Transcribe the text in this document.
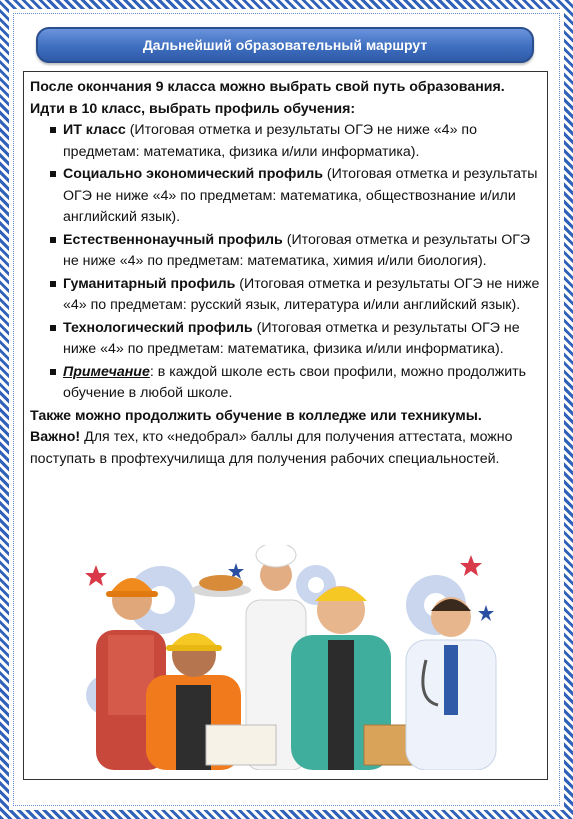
Дальнейший образовательный маршрут

После окончания 9 класса можно выбрать свой путь образования.

Идти в 10 класс, выбрать профиль обучения:

ИТ класс (Итоговая отметка и результаты ОГЭ не ниже «4» по предметам: математика, физика и/или информатика).
Социально экономический профиль (Итоговая отметка и результаты ОГЭ не ниже «4» по предметам: математика, обществознание и/или английский язык).
Естественнонаучный профиль (Итоговая отметка и результаты ОГЭ не ниже «4» по предметам: математика, химия и/или биология).
Гуманитарный профиль (Итоговая отметка и результаты ОГЭ не ниже «4» по предметам: русский язык, литература и/или английский язык).
Технологический профиль (Итоговая отметка и результаты ОГЭ не ниже «4» по предметам: математика, физика и/или информатика).
Примечание: в каждой школе есть свои профили, можно продолжить обучение в любой школе.

Также можно продолжить обучение в колледже или техникумы.

Важно! Для тех, кто «недобрал» баллы для получения аттестата, можно поступать в профтехучилища для получения рабочих специальностей.
